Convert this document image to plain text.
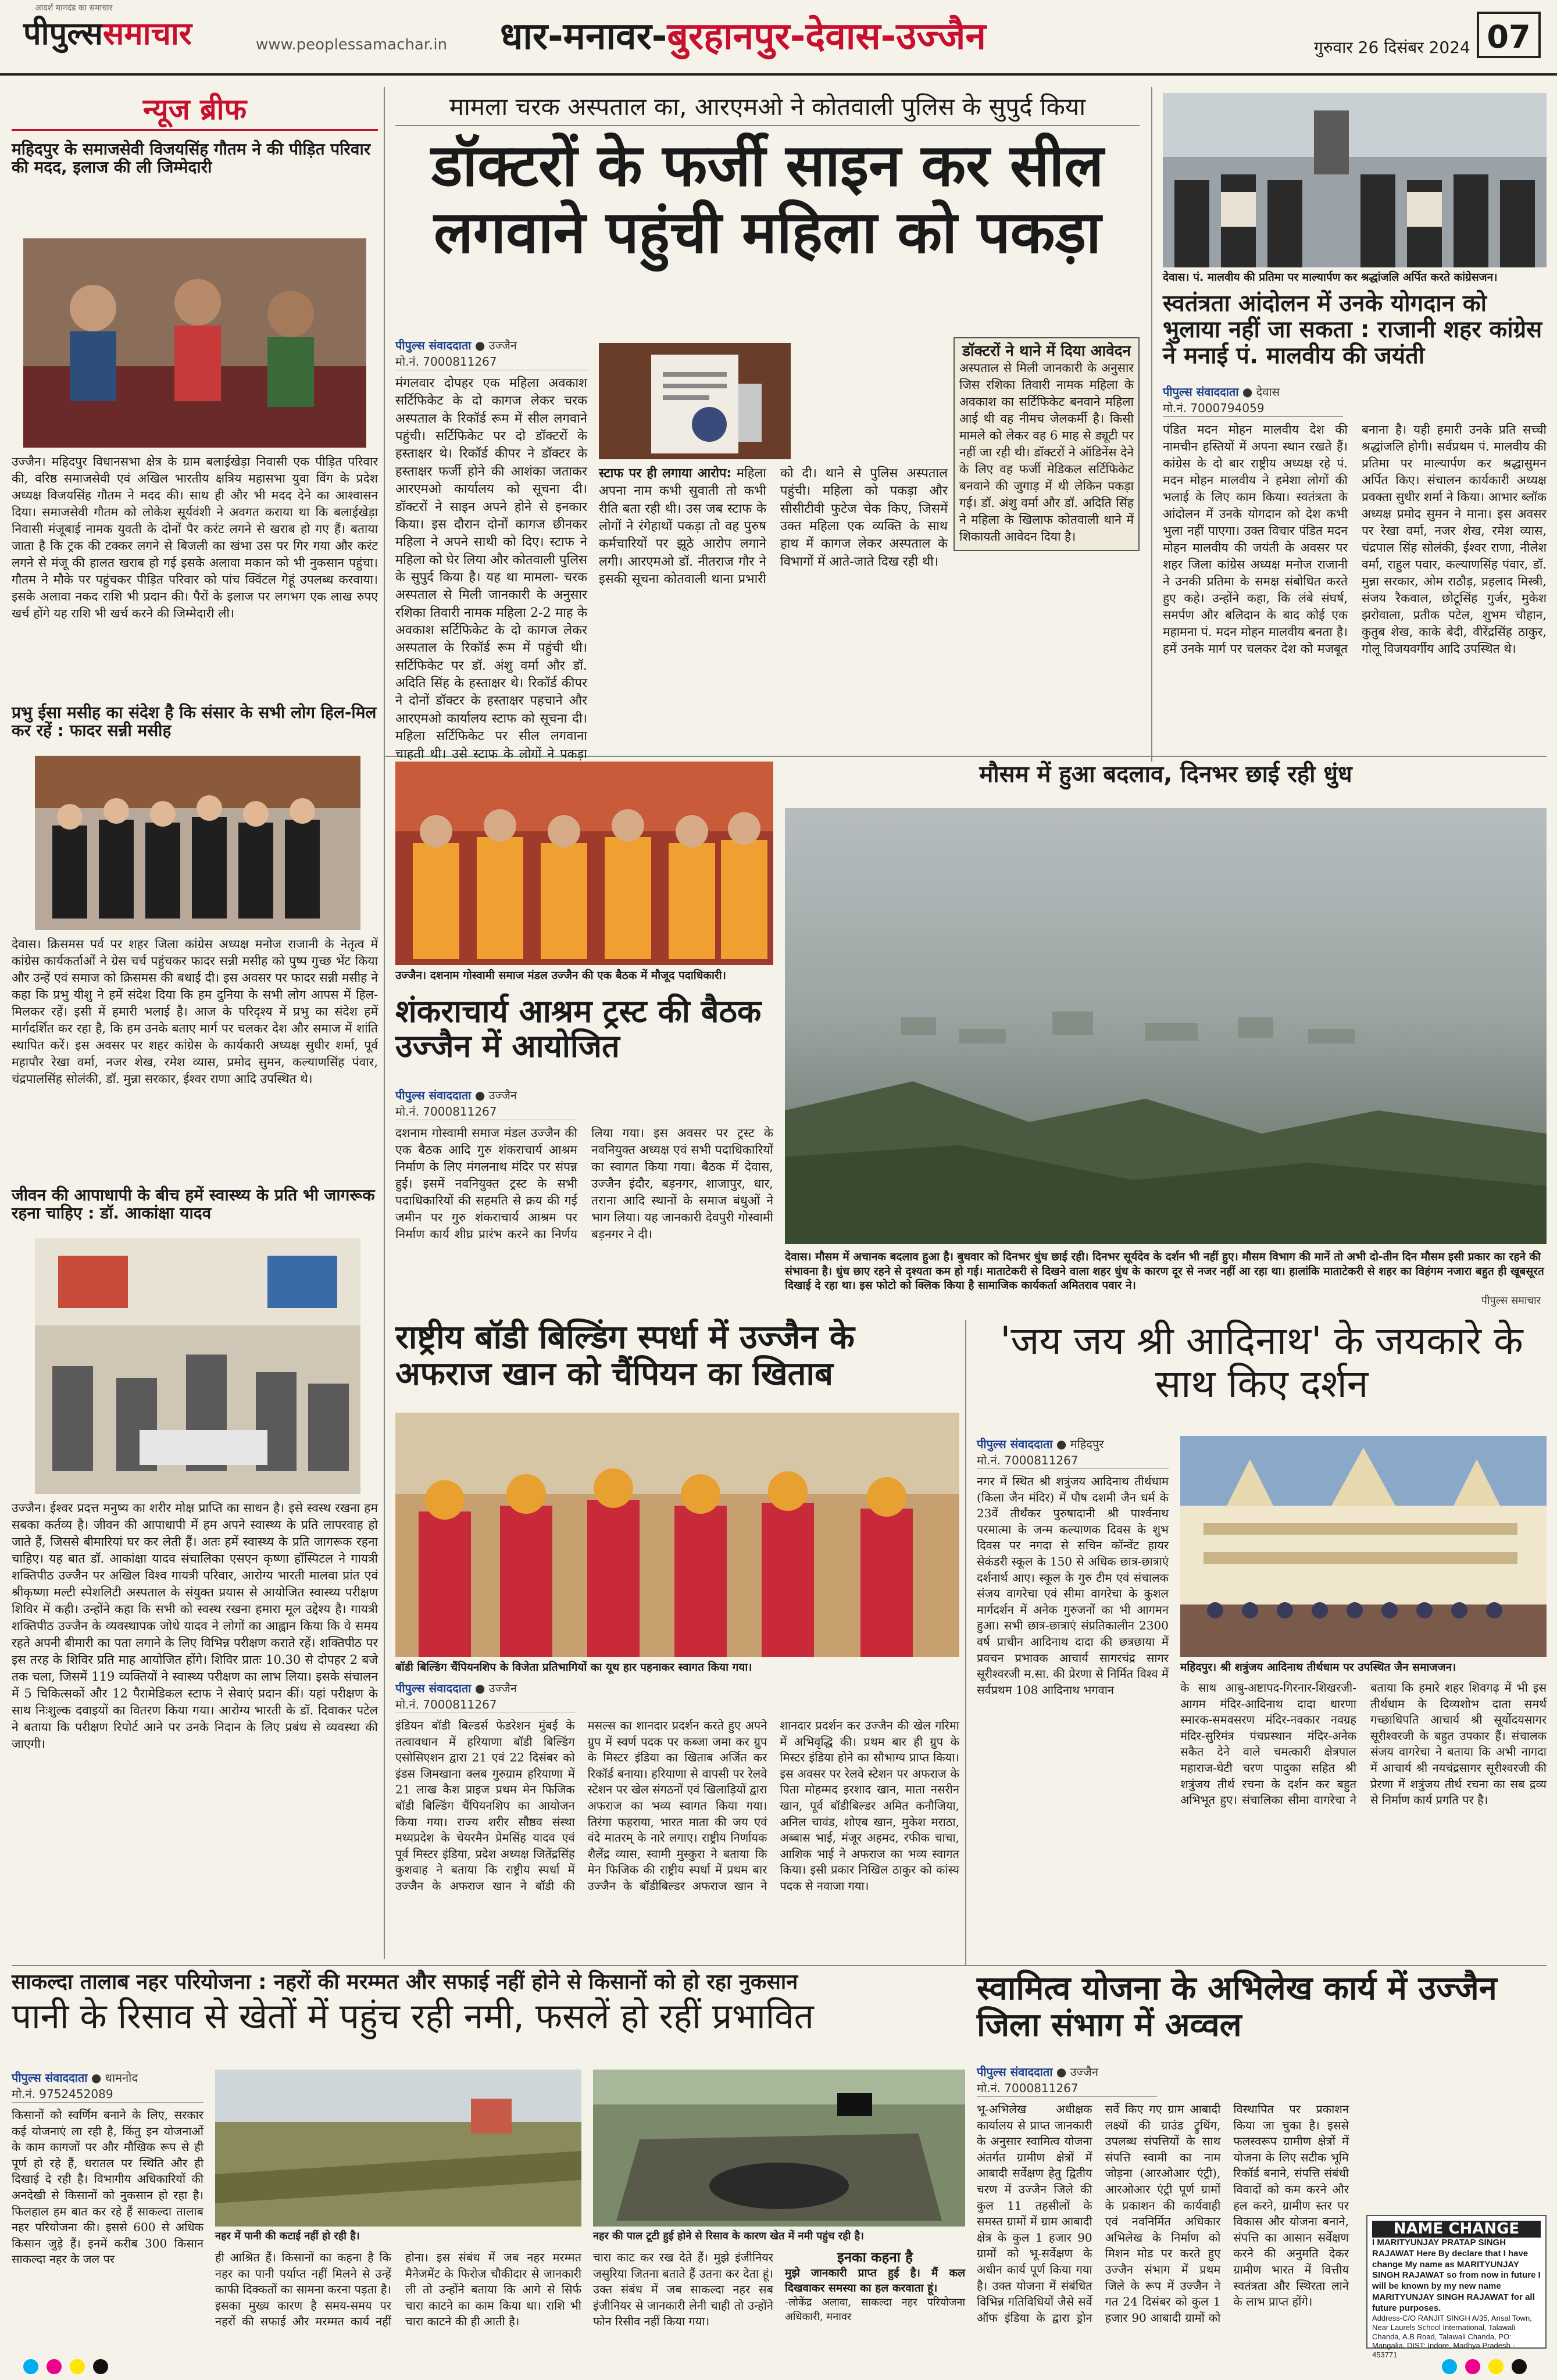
आदर्श मानदंड का समाचार
पीपुल्ससमाचार	www.peoplessamachar.in धार-मनावर-बुरहानपुर-देवास-उज्जैन	गुरुवार 26 दिसंबर 2024 07
न्यूज ब्रीफ
महिदपुर के समाजसेवी विजयसिंह गौतम ने की पीड़ित परिवार की मदद, इलाज की ली जिम्मेदारी
उज्जैन। महिदपुर विधानसभा क्षेत्र के ग्राम बलाईखेड़ा निवासी एक पीड़ित परिवार की, वरिष्ठ समाजसेवी एवं अखिल भारतीय क्षत्रिय महासभा युवा विंग के प्रदेश अध्यक्ष विजयसिंह गौतम ने मदद की। साथ ही और भी मदद देने का आश्वासन दिया। समाजसेवी गौतम को लोकेश सूर्यवंशी ने अवगत कराया था कि बलाईखेड़ा निवासी मंजूबाई नामक युवती के दोनों पैर करंट लगने से खराब हो गए हैं। बताया जाता है कि ट्रक की टक्कर लगने से बिजली का खंभा उस पर गिर गया और करंट लगने से मंजू की हालत खराब हो गई इसके अलावा मकान को भी नुकसान पहुंचा। गौतम ने मौके पर पहुंचकर पीड़ित परिवार को पांच क्विंटल गेहूं उपलब्ध करवाया। इसके अलावा नकद राशि भी प्रदान की। पैरों के इलाज पर लगभग एक लाख रुपए खर्च होंगे यह राशि भी खर्च करने की जिम्मेदारी ली।
प्रभु ईसा मसीह का संदेश है कि संसार के सभी लोग हिल-मिल कर रहें : फादर सन्नी मसीह
देवास। क्रिसमस पर्व पर शहर जिला कांग्रेस अध्यक्ष मनोज राजानी के नेतृत्व में कांग्रेस कार्यकर्ताओं ने ग्रेस चर्च पहुंचकर फादर सन्नी मसीह को पुष्प गुच्छ भेंट किया और उन्हें एवं समाज को क्रिसमस की बधाई दी। इस अवसर पर फादर सन्नी मसीह ने कहा कि प्रभु यीशु ने हमें संदेश दिया कि हम दुनिया के सभी लोग आपस में हिल-मिलकर रहें। इसी में हमारी भलाई है। आज के परिदृश्य में प्रभु का संदेश हमें मार्गदर्शित कर रहा है, कि हम उनके बताए मार्ग पर चलकर देश और समाज में शांति स्थापित करें। इस अवसर पर शहर कांग्रेस के कार्यकारी अध्यक्ष सुधीर शर्मा, पूर्व महापौर रेखा वर्मा, नजर शेख, रमेश व्यास, प्रमोद सुमन, कल्याणसिंह पंवार, चंद्रपालसिंह सोलंकी, डॉ. मुन्ना सरकार, ईश्वर राणा आदि उपस्थित थे।
जीवन की आपाधापी के बीच हमें स्वास्थ्य के प्रति भी जागरूक रहना चाहिए : डॉ. आकांक्षा यादव
उज्जैन। ईश्वर प्रदत्त मनुष्य का शरीर मोक्ष प्राप्ति का साधन है। इसे स्वस्थ रखना हम सबका कर्तव्य है। जीवन की आपाधापी में हम अपने स्वास्थ्य के प्रति लापरवाह हो जाते हैं, जिससे बीमारियां घर कर लेती हैं। अतः हमें स्वास्थ्य के प्रति जागरूक रहना चाहिए। यह बात डॉ. आकांक्षा यादव संचालिका एसएन कृष्णा हॉस्पिटल ने गायत्री शक्तिपीठ उज्जैन पर अखिल विश्व गायत्री परिवार, आरोग्य भारती मालवा प्रांत एवं श्रीकृष्णा मल्टी स्पेशलिटी अस्पताल के संयुक्त प्रयास से आयोजित स्वास्थ्य परीक्षण शिविर में कही। उन्होंने कहा कि सभी को स्वस्थ रखना हमारा मूल उद्देश्य है। गायत्री शक्तिपीठ उज्जैन के व्यवस्थापक जोधे यादव ने लोगों का आह्वान किया कि वे समय रहते अपनी बीमारी का पता लगाने के लिए विभिन्न परीक्षण कराते रहें। शक्तिपीठ पर इस तरह के शिविर प्रति माह आयोजित होंगे। शिविर प्रातः 10.30 से दोपहर 2 बजे तक चला, जिसमें 119 व्यक्तियों ने स्वास्थ्य परीक्षण का लाभ लिया। इसके संचालन में 5 चिकित्सकों और 12 पैरामेडिकल स्टाफ ने सेवाएं प्रदान कीं। यहां परीक्षण के साथ निःशुल्क दवाइयों का वितरण किया गया। आरोग्य भारती के डॉ. दिवाकर पटेल ने बताया कि परीक्षण रिपोर्ट आने पर उनके निदान के लिए प्रबंध से व्यवस्था की जाएगी।
मामला चरक अस्पताल का, आरएमओ ने कोतवाली पुलिस के सुपुर्द किया
डॉक्टरों के फर्जी साइन कर सील लगवाने पहुंची महिला को पकड़ा
पीपुल्स संवाददाता ● उज्जैन
मो.नं. 7000811267
मंगलवार दोपहर एक महिला अवकाश सर्टिफिकेट के दो कागज लेकर चरक अस्पताल के रिकॉर्ड रूम में सील लगवाने पहुंची। सर्टिफिकेट पर दो डॉक्टरों के हस्ताक्षर थे। रिकॉर्ड कीपर ने डॉक्टर के हस्ताक्षर फर्जी होने की आशंका जताकर आरएमओ कार्यालय को सूचना दी। डॉक्टरों ने साइन अपने होने से इनकार किया। इस दौरान दोनों कागज छीनकर महिला ने अपने साथी को दिए। स्टाफ ने महिला को घेर लिया और कोतवाली पुलिस के सुपुर्द किया है। यह था मामला- चरक अस्पताल से मिली जानकारी के अनुसार रशिका तिवारी नामक महिला 2-2 माह के अवकाश सर्टिफिकेट के दो कागज लेकर अस्पताल के रिकॉर्ड रूम में पहुंची थी। सर्टिफिकेट पर डॉ. अंशु वर्मा और डॉ. अदिति सिंह के हस्ताक्षर थे। रिकॉर्ड कीपर ने दोनों डॉक्टर के हस्ताक्षर पहचाने और आरएमओ कार्यालय स्टाफ को सूचना दी। महिला सर्टिफिकेट पर सील लगवाना चाहती थी। उसे स्टाफ के लोगों ने पकड़ा
स्टाफ पर ही लगाया आरोप: महिला अपना नाम कभी सुवाती तो कभी रीति बता रही थी। उस जब स्टाफ के लोगों ने रंगेहाथों पकड़ा तो वह पुरुष कर्मचारियों पर झूठे आरोप लगाने लगी। आरएमओ डॉ. नीतराज गौर ने इसकी सूचना कोतवाली थाना प्रभारी को दी। थाने से पुलिस अस्पताल पहुंची। महिला को पकड़ा और सीसीटीवी फुटेज चेक किए, जिसमें उक्त महिला एक व्यक्ति के साथ हाथ में कागज लेकर अस्पताल के विभागों में आते-जाते दिख रही थी।
डॉक्टरों ने थाने में दिया आवेदन
अस्पताल से मिली जानकारी के अनुसार जिस रशिका तिवारी नामक महिला के अवकाश का सर्टिफिकेट बनवाने महिला आई थी वह नीमच जेलकर्मी है। किसी मामले को लेकर वह 6 माह से ड्यूटी पर नहीं जा रही थी। डॉक्टरों ने ऑडिनेंस देने के लिए वह फर्जी मेडिकल सर्टिफिकेट बनवाने की जुगाड़ में थी लेकिन पकड़ा गई। डॉ. अंशु वर्मा और डॉ. अदिति सिंह ने महिला के खिलाफ कोतवाली थाने में शिकायती आवेदन दिया है।
देवास। पं. मालवीय की प्रतिमा पर माल्यार्पण कर श्रद्धांजलि अर्पित करते कांग्रेसजन।
स्वतंत्रता आंदोलन में उनके योगदान को भुलाया नहीं जा सकता : राजानी शहर कांग्रेस ने मनाई पं. मालवीय की जयंती
पीपुल्स संवाददाता ● देवास
मो.नं. 7000794059
पंडित मदन मोहन मालवीय देश की नामचीन हस्तियों में अपना स्थान रखते हैं। कांग्रेस के दो बार राष्ट्रीय अध्यक्ष रहे पं. मदन मोहन मालवीय ने हमेशा लोगों की भलाई के लिए काम किया। स्वतंत्रता के आंदोलन में उनके योगदान को देश कभी भुला नहीं पाएगा। उक्त विचार पंडित मदन मोहन मालवीय की जयंती के अवसर पर शहर जिला कांग्रेस अध्यक्ष मनोज राजानी ने उनकी प्रतिमा के समक्ष संबोधित करते हुए कहे। उन्होंने कहा, कि लंबे संघर्ष, समर्पण और बलिदान के बाद कोई एक महामना पं. मदन मोहन मालवीय बनता है। हमें उनके मार्ग पर चलकर देश को मजबूत बनाना है। यही हमारी उनके प्रति सच्ची श्रद्धांजलि होगी। सर्वप्रथम पं. मालवीय की प्रतिमा पर माल्यार्पण कर श्रद्धासुमन अर्पित किए। संचालन कार्यकारी अध्यक्ष प्रवक्ता सुधीर शर्मा ने किया। आभार ब्लॉक अध्यक्ष प्रमोद सुमन ने माना। इस अवसर पर रेखा वर्मा, नजर शेख, रमेश व्यास, चंद्रपाल सिंह सोलंकी, ईश्वर राणा, नीलेश वर्मा, राहुल पवार, कल्याणसिंह पंवार, डॉ. मुन्ना सरकार, ओम राठौड़, प्रहलाद मिस्त्री, संजय रैकवाल, छोटूसिंह गुर्जर, मुकेश झरोवाला, प्रतीक पटेल, शुभम चौहान, कुतुब शेख, काके बेदी, वीरेंद्रसिंह ठाकुर, गोलू विजयवर्गीय आदि उपस्थित थे।
उज्जैन। दशनाम गोस्वामी समाज मंडल उज्जैन की एक बैठक में मौजूद पदाधिकारी।
शंकराचार्य आश्रम ट्रस्ट की बैठक उज्जैन में आयोजित
पीपुल्स संवाददाता ● उज्जैन
मो.नं. 7000811267
दशनाम गोस्वामी समाज मंडल उज्जैन की एक बैठक आदि गुरु शंकराचार्य आश्रम निर्माण के लिए मंगलनाथ मंदिर पर संपन्न हुई। इसमें नवनियुक्त ट्रस्ट के सभी पदाधिकारियों की सहमति से क्रय की गई जमीन पर गुरु शंकराचार्य आश्रम पर निर्माण कार्य शीघ्र प्रारंभ करने का निर्णय लिया गया। इस अवसर पर ट्रस्ट के नवनियुक्त अध्यक्ष एवं सभी पदाधिकारियों का स्वागत किया गया। बैठक में देवास, उज्जैन इंदौर, बड़नगर, शाजापुर, धार, तराना आदि स्थानों के समाज बंधुओं ने भाग लिया। यह जानकारी देवपुरी गोस्वामी बड़नगर ने दी।
मौसम में हुआ बदलाव, दिनभर छाई रही धुंध
देवास। मौसम में अचानक बदलाव हुआ है। बुधवार को दिनभर धुंध छाई रही। दिनभर सूर्यदेव के दर्शन भी नहीं हुए। मौसम विभाग की मानें तो अभी दो-तीन दिन मौसम इसी प्रकार का रहने की संभावना है। धुंध छाए रहने से दृश्यता कम हो गई। माताटेकरी से दिखने वाला शहर धुंध के कारण दूर से नजर नहीं आ रहा था। हालांकि माताटेकरी से शहर का विहंगम नजारा बहुत ही खूबसूरत दिखाई दे रहा था। इस फोटो को क्लिक किया है सामाजिक कार्यकर्ता अमितराव पवार ने।
पीपुल्स समाचार
राष्ट्रीय बॉडी बिल्डिंग स्पर्धा में उज्जैन के अफराज खान को चैंपियन का खिताब
बॉडी बिल्डिंग चैंपियनशिप के विजेता प्रतिभागियों का यूथ हार पहनाकर स्वागत किया गया।
पीपुल्स संवाददाता ● उज्जैन
मो.नं. 7000811267
इंडियन बॉडी बिल्डर्स फेडरेशन मुंबई के तत्वावधान में हरियाणा बॉडी बिल्डिंग एसोसिएशन द्वारा 21 एवं 22 दिसंबर को इंडस जिमखाना क्लब गुरुग्राम हरियाणा में 21 लाख कैश प्राइज प्रथम मेन फिजिक बॉडी बिल्डिंग चैंपियनशिप का आयोजन किया गया। राज्य शरीर सौष्ठव संस्था मध्यप्रदेश के चेयरमैन प्रेमसिंह यादव एवं पूर्व मिस्टर इंडिया, प्रदेश अध्यक्ष जितेंद्रसिंह कुशवाह ने बताया कि राष्ट्रीय स्पर्धा में उज्जैन के अफराज खान ने बॉडी की मसल्स का शानदार प्रदर्शन करते हुए अपने ग्रुप में स्वर्ण पदक पर कब्जा जमा कर ग्रुप के मिस्टर इंडिया का खिताब अर्जित कर रिकॉर्ड बनाया। हरियाणा से वापसी पर रेलवे स्टेशन पर खेल संगठनों एवं खिलाड़ियों द्वारा अफराज का भव्य स्वागत किया गया। तिरंगा फहराया, भारत माता की जय एवं वंदे मातरम् के नारे लगाए। राष्ट्रीय निर्णायक शैलेंद्र व्यास, स्वामी मुस्कुरा ने बताया कि मेन फिजिक की राष्ट्रीय स्पर्धा में प्रथम बार उज्जैन के बॉडीबिल्डर अफराज खान ने शानदार प्रदर्शन कर उज्जैन की खेल गरिमा में अभिवृद्धि की। प्रथम बार ही ग्रुप के मिस्टर इंडिया होने का सौभाग्य प्राप्त किया। इस अवसर पर रेलवे स्टेशन पर अफराज के पिता मोहम्मद इरशाद खान, माता नसरीन खान, पूर्व बॉडीबिल्डर अमित कनौजिया, अनिल चावंड, शोएब खान, मुकेश मराठा, अब्बास भाई, मंजूर अहमद, रफीक चाचा, आशिक भाई ने अफराज का भव्य स्वागत किया। इसी प्रकार निखिल ठाकुर को कांस्य पदक से नवाजा गया।
'जय जय श्री आदिनाथ' के जयकारे के साथ किए दर्शन
पीपुल्स संवाददाता ● महिदपुर
मो.नं. 7000811267
नगर में स्थित श्री शत्रुंजय आदिनाथ तीर्थधाम (किला जैन मंदिर) में पौष दशमी जैन धर्म के 23वें तीर्थंकर पुरुषादानी श्री पार्श्वनाथ परमात्मा के जन्म कल्याणक दिवस के शुभ दिवस पर नगदा से सचिन कॉन्वेंट हायर सेकंडरी स्कूल के 150 से अधिक छात्र-छात्राएं दर्शनार्थ आए। स्कूल के गुरु टीम एवं संचालक संजय वागरेचा एवं सीमा वागरेचा के कुशल मार्गदर्शन में अनेक गुरुजनों का भी आगमन हुआ। सभी छात्र-छात्राएं संप्रतिकालीन 2300 वर्ष प्राचीन आदिनाथ दादा की छत्रछाया में प्रवचन प्रभावक आचार्य सागरचंद्र सागर सूरीश्वरजी म.सा. की प्रेरणा से निर्मित विश्व में सर्वप्रथम 108 आदिनाथ भगवान
महिदपुर। श्री शत्रुंजय आदिनाथ तीर्थधाम पर उपस्थित जैन समाजजन।
के साथ आबु-अष्टापद-गिरनार-शिखरजी-आगम मंदिर-आदिनाथ दादा धारणा स्मारक-समवसरण मंदिर-नवकार नवग्रह मंदिर-सुरिमंत्र पंचप्रस्थान मंदिर-अनेक सकैत देने वाले चमत्कारी क्षेत्रपाल महाराज-घेटी चरण पादुका सहित श्री शत्रुंजय तीर्थ रचना के दर्शन कर बहुत अभिभूत हुए। संचालिका सीमा वागरेचा ने बताया कि हमारे शहर शिवगढ़ में भी इस तीर्थधाम के दिव्यशोभ दाता समर्थ गच्छाधिपति आचार्य श्री सूर्योदयसागर सूरीश्वरजी के बहुत उपकार हैं। संचालक संजय वागरेचा ने बताया कि अभी नागदा में आचार्य श्री नयचंद्रसागर सूरीश्वरजी की प्रेरणा में शत्रुंजय तीर्थ रचना का सब द्रव्य से निर्माण कार्य प्रगति पर है।
साकल्दा तालाब नहर परियोजना : नहरों की मरम्मत और सफाई नहीं होने से किसानों को हो रहा नुकसान
पानी के रिसाव से खेतों में पहुंच रही नमी, फसलें हो रहीं प्रभावित
पीपुल्स संवाददाता ● धामनोद
मो.नं. 9752452089
किसानों को स्वर्णिम बनाने के लिए, सरकार कई योजनाएं ला रही है, किंतु इन योजनाओं के काम कागजों पर और मौखिक रूप से ही पूर्ण हो रहे हैं, धरातल पर स्थिति और ही दिखाई दे रही है। विभागीय अधिकारियों की अनदेखी से किसानों को नुकसान हो रहा है। फिलहाल हम बात कर रहे हैं साकल्दा तालाब नहर परियोजना की। इससे 600 से अधिक किसान जुड़े हैं। इनमें करीब 300 किसान साकल्दा नहर के जल पर
नहर में पानी की कटाई नहीं हो रही है।	नहर की पाल टूटी हुई होने से रिसाव के कारण खेत में नमी पहुंच रही है।
ही आश्रित हैं। किसानों का कहना है कि नहर का पानी पर्याप्त नहीं मिलने से उन्हें काफी दिक्कतों का सामना करना पड़ता है। इसका मुख्य कारण है समय-समय पर नहरों की सफाई और मरम्मत कार्य नहीं होना। इस संबंध में जब नहर मरम्मत मैनेजमेंट के फिरोज चौकीदार से जानकारी ली तो उन्होंने बताया कि आगे से सिर्फ चारा काटने का काम किया था। राशि भी चारा काटने की ही आती है।
चारा काट कर रख देते हैं। मुझे इंजीनियर जसुरिया जितना बताते हैं उतना कर देता हूं। उक्त संबंध में जब साकल्दा नहर सब इंजीनियर से जानकारी लेनी चाही तो उन्होंने फोन रिसीव नहीं किया गया।
इनका कहना है
मुझे जानकारी प्राप्त हुई है। मैं कल दिखवाकर समस्या का हल करवाता हूं।
-लोकेंद्र अलावा, साकल्दा नहर परियोजना अधिकारी, मनावर
स्वामित्व योजना के अभिलेख कार्य में उज्जैन जिला संभाग में अव्वल
पीपुल्स संवाददाता ● उज्जैन
मो.नं. 7000811267
भू-अभिलेख अधीक्षक कार्यालय से प्राप्त जानकारी के अनुसार स्वामित्व योजना अंतर्गत ग्रामीण क्षेत्रों में आबादी सर्वेक्षण हेतु द्वितीय चरण में उज्जैन जिले की कुल 11 तहसीलों के समस्त ग्रामों में ग्राम आबादी क्षेत्र के कुल 1 हजार 90 ग्रामों को भू-सर्वेक्षण के अधीन कार्य पूर्ण किया गया है। उक्त योजना में संबंधित विभिन्न गतिविधियों जैसे सर्वे ऑफ इंडिया के द्वारा ड्रोन सर्वे किए गए ग्राम आबादी लक्ष्यों की ग्राउंड ट्रुथिंग, उपलब्ध संपत्तियों के साथ संपत्ति स्वामी का नाम जोड़ना (आरओआर एंट्री), आरओआर एंट्री पूर्ण ग्रामों के प्रकाशन की कार्यवाही एवं नवनिर्मित अधिकार अभिलेख के निर्माण को मिशन मोड पर करते हुए उज्जैन संभाग में प्रथम जिले के रूप में उज्जैन ने गत 24 दिसंबर को कुल 1 हजार 90 आबादी ग्रामों को विस्थापित पर प्रकाशन किया जा चुका है। इससे फलस्वरूप ग्रामीण क्षेत्रों में योजना के लिए सटीक भूमि रिकॉर्ड बनाने, संपत्ति संबंधी विवादों को कम करने और हल करने, ग्रामीण स्तर पर विकास और योजना बनाने, संपत्ति का आसान सर्वेक्षण करने की अनुमति देकर ग्रामीण भारत में वित्तीय स्वतंत्रता और स्थिरता लाने के लाभ प्राप्त होंगे।
NAME CHANGE
I MARITYUNJAY PRATAP SINGH RAJAWAT Here By declare that I have change My name as MARITYUNJAY SINGH RAJAWAT so from now in future I will be known by my new name MARITYUNJAY SINGH RAJAWAT for all future purposes.
Address-C/O RANJIT SINGH A/35, Ansal Town, Near Laurels School International, Talawali Chanda, A.B Road, Talawali Chanda, PO: Mangalia, DIST: Indore, Madhya Pradesh - 453771
